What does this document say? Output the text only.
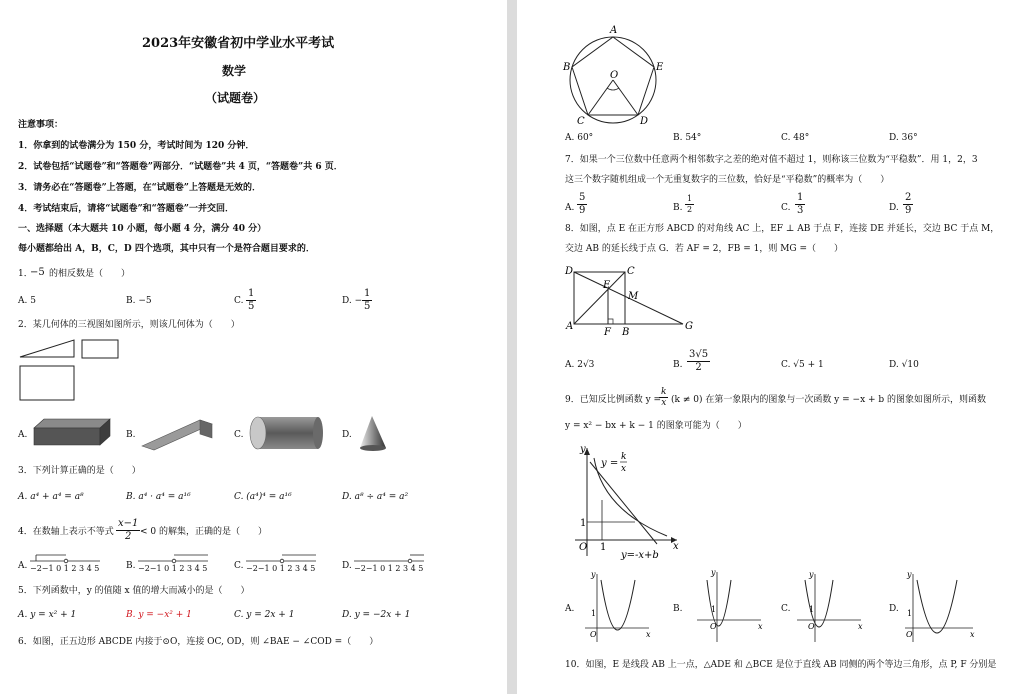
2023年安徽省初中学业水平考试
数学
（试题卷）
注意事项：
1．你拿到的试卷满分为 150 分，考试时间为 120 分钟．
2．试卷包括“试题卷”和“答题卷”两部分．“试题卷”共 4 页，“答题卷”共 6 页．
3．请务必在“答题卷”上答题，在“试题卷”上答题是无效的．
4．考试结束后，请将“试题卷”和“答题卷”一并交回．
一、选择题（本大题共 10 小题，每小题 4 分，满分 40 分）
每小题都给出 A，B，C，D 四个选项，其中只有一个是符合题目要求的．
1．
−5 的相反数是（　　）
A. 5	B. −5	C. $\frac{1}{5}$	D. − $\frac{1}{5}$
2．某几何体的三视图如图所示，则该几何体为（　　）
A.	B.	C.	D.
3．下列计算正确的是（　　）
A. a⁴ + a⁴ = a⁸	B. a⁴ · a⁴ = a¹⁶	C. (a⁴)⁴ = a¹⁶	D. a⁸ ÷ a⁴ = a²
4．在数轴上表示不等式 $\frac{x-1}{2} < 0$ 的解集，正确的是（　　）
A.	B.	C.	D.
−2−1 0 1 2 3 4 5	−2−1 0 1 2 3 4 5	−2−1 0 1 2 3 4 5	−2−1 0 1 2 3 4 5
5．下列函数中，y 的值随 x 值的增大而减小的是（　　）
A. y = x² + 1	B. y = −x² + 1	C. y = 2x + 1	D. y = −2x + 1
6．如图，正五边形 ABCDE 内接于⊙O，连接 OC, OD，则 ∠BAE − ∠COD =（　　）
A
B
C	D
E
O
A. 60°	B. 54°	C. 48°	D. 36°
7．如果一个三位数中任意两个相邻数字之差的绝对值不超过 1，则称该三位数为“平稳数”．用 1，2，3
这三个数字随机组成一个无重复数字的三位数，恰好是“平稳数”的概率为（　　）
A. $\frac{5}{9}$	B. $\frac{1}{2}$	C. $\frac{1}{3}$	D. $\frac{2}{9}$
8．如图，点 E 在正方形 ABCD 的对角线 AC 上，EF ⊥ AB 于点 F，连接 DE 并延长，交边 BC 于点 M，
交边 AB 的延长线于点 G．若 AF = 2，FB = 1，则 MG =（　　）
D	C
E
M
A
F B
G
A. 2√3	B. $\frac{3√5}{2}$	C. √5 + 1	D. √10
9．已知反比例函数 y =
$\frac{k}{x} (k \ne 0)$ 在第一象限内的图象与一次函数 y = −x + b 的图象如图所示，则函数
y = x² − bx + k − 1 的图象可能为（　　）
y
y =
k
x
1
1
O	x
y=-x+b
A.	B.	C.	D.
y
x
O
1
y
x
O
1
y
x
O
1
y
x
O
1
10．如图，E 是线段 AB 上一点，△ADE 和 △BCE 是位于直线 AB 同侧的两个等边三角形，点 P, F 分别是
